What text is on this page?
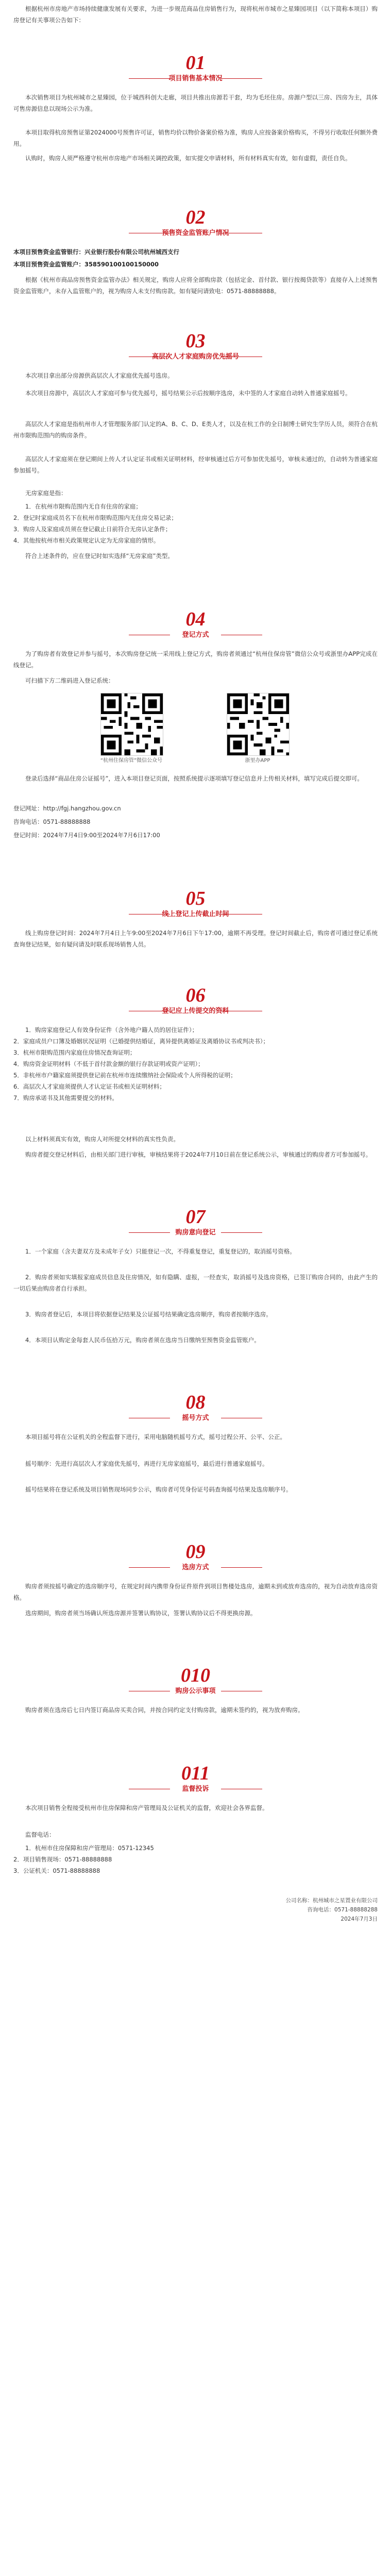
根据杭州市房地产市场持续健康发展有关要求，为进一步规范商品住房销售行为，现将杭州市城市之星臻园项目（以下简称本项目）购房登记有关事项公告如下：

01
项目销售基本情况

本次销售项目为杭州城市之星臻园，位于城西科创大走廊，项目共推出房源若干套，均为毛坯住房。房源户型以三房、四房为主，具体可售房源信息以现场公示为准。

本项目取得杭房预售证第2024000号预售许可证，销售均价以物价备案价格为准，购房人应按备案价格购买，不得另行收取任何额外费用。

认购时，购房人须严格遵守杭州市房地产市场相关调控政策，如实提交申请材料，所有材料真实有效，如有虚假，责任自负。

02
预售资金监管账户情况

本项目预售资金监管银行：兴业银行股份有限公司杭州城西支行

本项目预售资金监管账户：358590100100150000

根据《杭州市商品房预售资金监管办法》相关规定，购房人应将全部购房款（包括定金、首付款、银行按揭贷款等）直接存入上述预售资金监管账户，未存入监管账户的，视为购房人未支付购房款。如有疑问请致电：0571-88888888。

03
高层次人才家庭购房优先摇号

本次项目拿出部分房源供高层次人才家庭优先摇号选房。

本次项目房源中，高层次人才家庭可参与优先摇号，摇号结果公示后按顺序选房，未中签的人才家庭自动转入普通家庭摇号。

高层次人才家庭是指杭州市人才管理服务部门认定的A、B、C、D、E类人才，以及在杭工作的全日制博士研究生学历人员，须符合在杭州市限购范围内的购房条件。

高层次人才家庭须在登记期间上传人才认定证书或相关证明材料，经审核通过后方可参加优先摇号，审核未通过的，自动转为普通家庭参加摇号。

无房家庭是指：

1．在杭州市限购范围内无自有住房的家庭；
2．登记时家庭成员名下在杭州市限购范围内无住房交易记录；
3．购房人及家庭成员须在登记截止日前符合无房认定条件；
4．其他按杭州市相关政策规定认定为无房家庭的情形。

符合上述条件的，应在登记时如实选择“无房家庭”类型。

04
登记方式

为了购房者有效登记并参与摇号，本次购房登记统一采用线上登记方式，购房者须通过“杭州住保房管”微信公众号或浙里办APP完成在线登记。

可扫描下方二维码进入登记系统：

“杭州住保房管”微信公众号	浙里办APP

登录后选择“商品住房公证摇号”，进入本项目登记页面，按照系统提示逐项填写登记信息并上传相关材料，填写完成后提交即可。

登记网址：http://fgj.hangzhou.gov.cn

咨询电话：0571-88888888

登记时间：2024年7月4日9:00至2024年7月6日17:00

05
线上登记上传截止时间

线上购房登记时间：2024年7月4日上午9:00至2024年7月6日下午17:00，逾期不再受理。登记时间截止后，购房者可通过登记系统查询登记结果，如有疑问请及时联系现场销售人员。

06
登记应上传提交的资料

1．购房家庭登记人有效身份证件（含外地户籍人员的居住证件）；
2．家庭成员户口簿及婚姻状况证明（已婚提供结婚证，离异提供离婚证及离婚协议书或判决书）；
3．杭州市限购范围内家庭住房情况查询证明；
4．购房资金证明材料（不低于首付款金额的银行存款证明或资产证明）；
5．非杭州市户籍家庭须提供登记前在杭州市连续缴纳社会保险或个人所得税的证明；
6．高层次人才家庭须提供人才认定证书或相关证明材料；
7．购房承诺书及其他需要提交的材料。

以上材料须真实有效，购房人对所提交材料的真实性负责。

购房者提交登记材料后，由相关部门进行审核，审核结果将于2024年7月10日前在登记系统公示，审核通过的购房者方可参加摇号。

07
购房意向登记

1．一个家庭（含夫妻双方及未成年子女）只能登记一次，不得重复登记，重复登记的，取消摇号资格。

2．购房者须如实填报家庭成员信息及住房情况，如有隐瞒、虚报，一经查实，取消摇号及选房资格，已签订购房合同的，由此产生的一切后果由购房者自行承担。

3．购房者登记后，本项目将依据登记结果及公证摇号结果确定选房顺序，购房者按顺序选房。

4．本项目认购定金每套人民币伍拾万元，购房者须在选房当日缴纳至预售资金监管账户。

08
摇号方式

本项目摇号将在公证机关的全程监督下进行，采用电脑随机摇号方式，摇号过程公开、公平、公正。

摇号顺序：先进行高层次人才家庭优先摇号，再进行无房家庭摇号，最后进行普通家庭摇号。

摇号结果将在登记系统及项目销售现场同步公示，购房者可凭身份证号码查询摇号结果及选房顺序号。

09
选房方式

购房者须按摇号确定的选房顺序号，在规定时间内携带身份证件原件到项目售楼处选房，逾期未到或放弃选房的，视为自动放弃选房资格。

选房期间，购房者须当场确认所选房源并签署认购协议，签署认购协议后不得更换房源。

010
购房公示事项

购房者须在选房后七日内签订商品房买卖合同，并按合同约定支付购房款，逾期未签约的，视为放弃购房。

011
监督投诉

本次项目销售全程接受杭州市住房保障和房产管理局及公证机关的监督，欢迎社会各界监督。

监督电话：

1．杭州市住房保障和房产管理局：0571-12345
2．项目销售现场：0571-88888888
3．公证机关：0571-88888888

公司名称：杭州城市之星置业有限公司
咨询电话：0571-88888288
2024年7月3日
